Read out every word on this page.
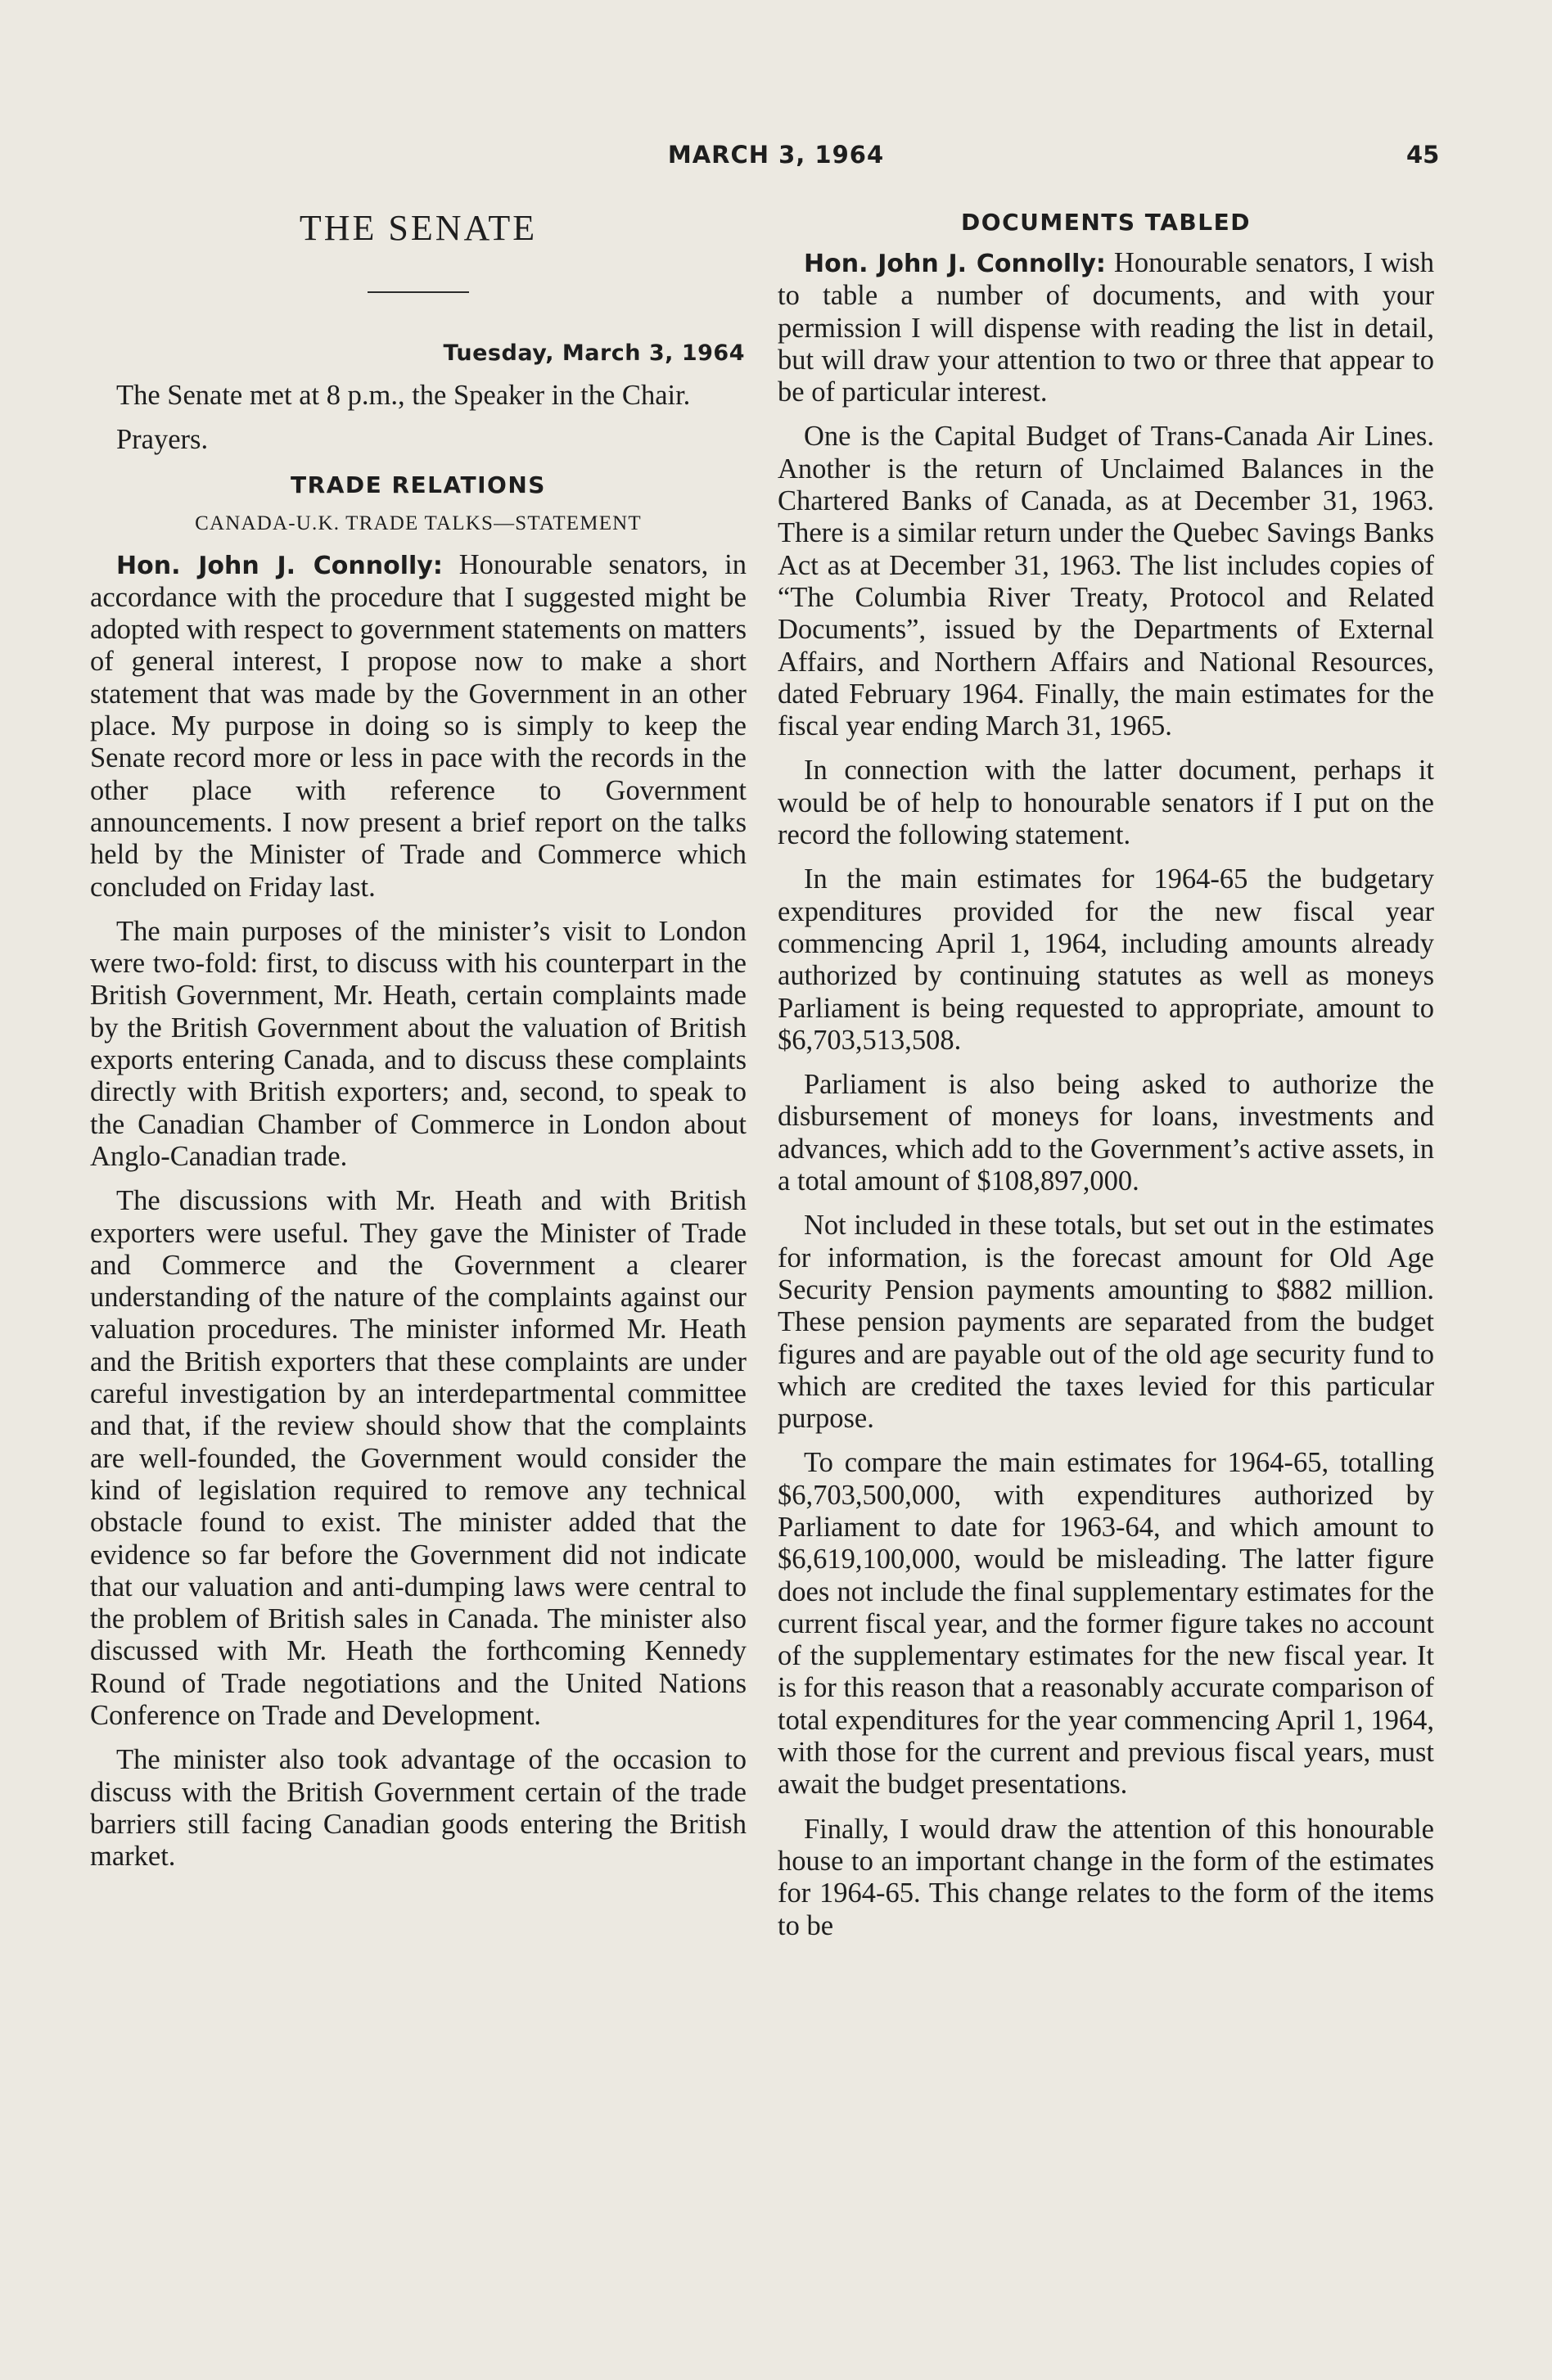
MARCH 3, 1964	45
THE SENATE
Tuesday, March 3, 1964

The Senate met at 8 p.m., the Speaker in the Chair.

Prayers.

TRADE RELATIONS
CANADA-U.K. TRADE TALKS—STATEMENT

Hon. John J. Connolly: Honourable senators, in accordance with the procedure that I suggested might be adopted with respect to government statements on matters of general interest, I propose now to make a short statement that was made by the Government in an other place. My purpose in doing so is simply to keep the Senate record more or less in pace with the records in the other place with reference to Government announcements. I now present a brief report on the talks held by the Minister of Trade and Commerce which concluded on Friday last.

The main purposes of the minister’s visit to London were two-fold: first, to discuss with his counterpart in the British Government, Mr. Heath, certain complaints made by the British Government about the valuation of British exports entering Canada, and to discuss these complaints directly with British exporters; and, second, to speak to the Canadian Chamber of Commerce in London about Anglo-Canadian trade.

The discussions with Mr. Heath and with British exporters were useful. They gave the Minister of Trade and Commerce and the Government a clearer understanding of the nature of the complaints against our valuation procedures. The minister informed Mr. Heath and the British exporters that these complaints are under careful investigation by an interdepartmental committee and that, if the review should show that the complaints are well-founded, the Government would consider the kind of legislation required to remove any technical obstacle found to exist. The minister added that the evidence so far before the Government did not indicate that our valuation and anti-dumping laws were central to the problem of British sales in Canada. The minister also discussed with Mr. Heath the forthcoming Kennedy Round of Trade negotiations and the United Nations Conference on Trade and Development.

The minister also took advantage of the occasion to discuss with the British Government certain of the trade barriers still facing Canadian goods entering the British market.

DOCUMENTS TABLED

Hon. John J. Connolly: Honourable senators, I wish to table a number of documents, and with your permission I will dispense with reading the list in detail, but will draw your attention to two or three that appear to be of particular interest.

One is the Capital Budget of Trans-Canada Air Lines. Another is the return of Unclaimed Balances in the Chartered Banks of Canada, as at December 31, 1963. There is a similar return under the Quebec Savings Banks Act as at December 31, 1963. The list includes copies of “The Columbia River Treaty, Protocol and Related Documents”, issued by the Departments of External Affairs, and Northern Affairs and National Resources, dated February 1964. Finally, the main estimates for the fiscal year ending March 31, 1965.

In connection with the latter document, perhaps it would be of help to honourable senators if I put on the record the following statement.

In the main estimates for 1964-65 the budgetary expenditures provided for the new fiscal year commencing April 1, 1964, including amounts already authorized by continuing statutes as well as moneys Parliament is being requested to appropriate, amount to $6,703,513,508.

Parliament is also being asked to authorize the disbursement of moneys for loans, investments and advances, which add to the Government’s active assets, in a total amount of $108,897,000.

Not included in these totals, but set out in the estimates for information, is the forecast amount for Old Age Security Pension payments amounting to $882 million. These pension payments are separated from the budget figures and are payable out of the old age security fund to which are credited the taxes levied for this particular purpose.

To compare the main estimates for 1964-65, totalling $6,703,500,000, with expenditures authorized by Parliament to date for 1963-64, and which amount to $6,619,100,000, would be misleading. The latter figure does not include the final supplementary estimates for the current fiscal year, and the former figure takes no account of the supplementary estimates for the new fiscal year. It is for this reason that a reasonably accurate comparison of total expenditures for the year commencing April 1, 1964, with those for the current and previous fiscal years, must await the budget presentations.

Finally, I would draw the attention of this honourable house to an important change in the form of the estimates for 1964-65. This change relates to the form of the items to be
